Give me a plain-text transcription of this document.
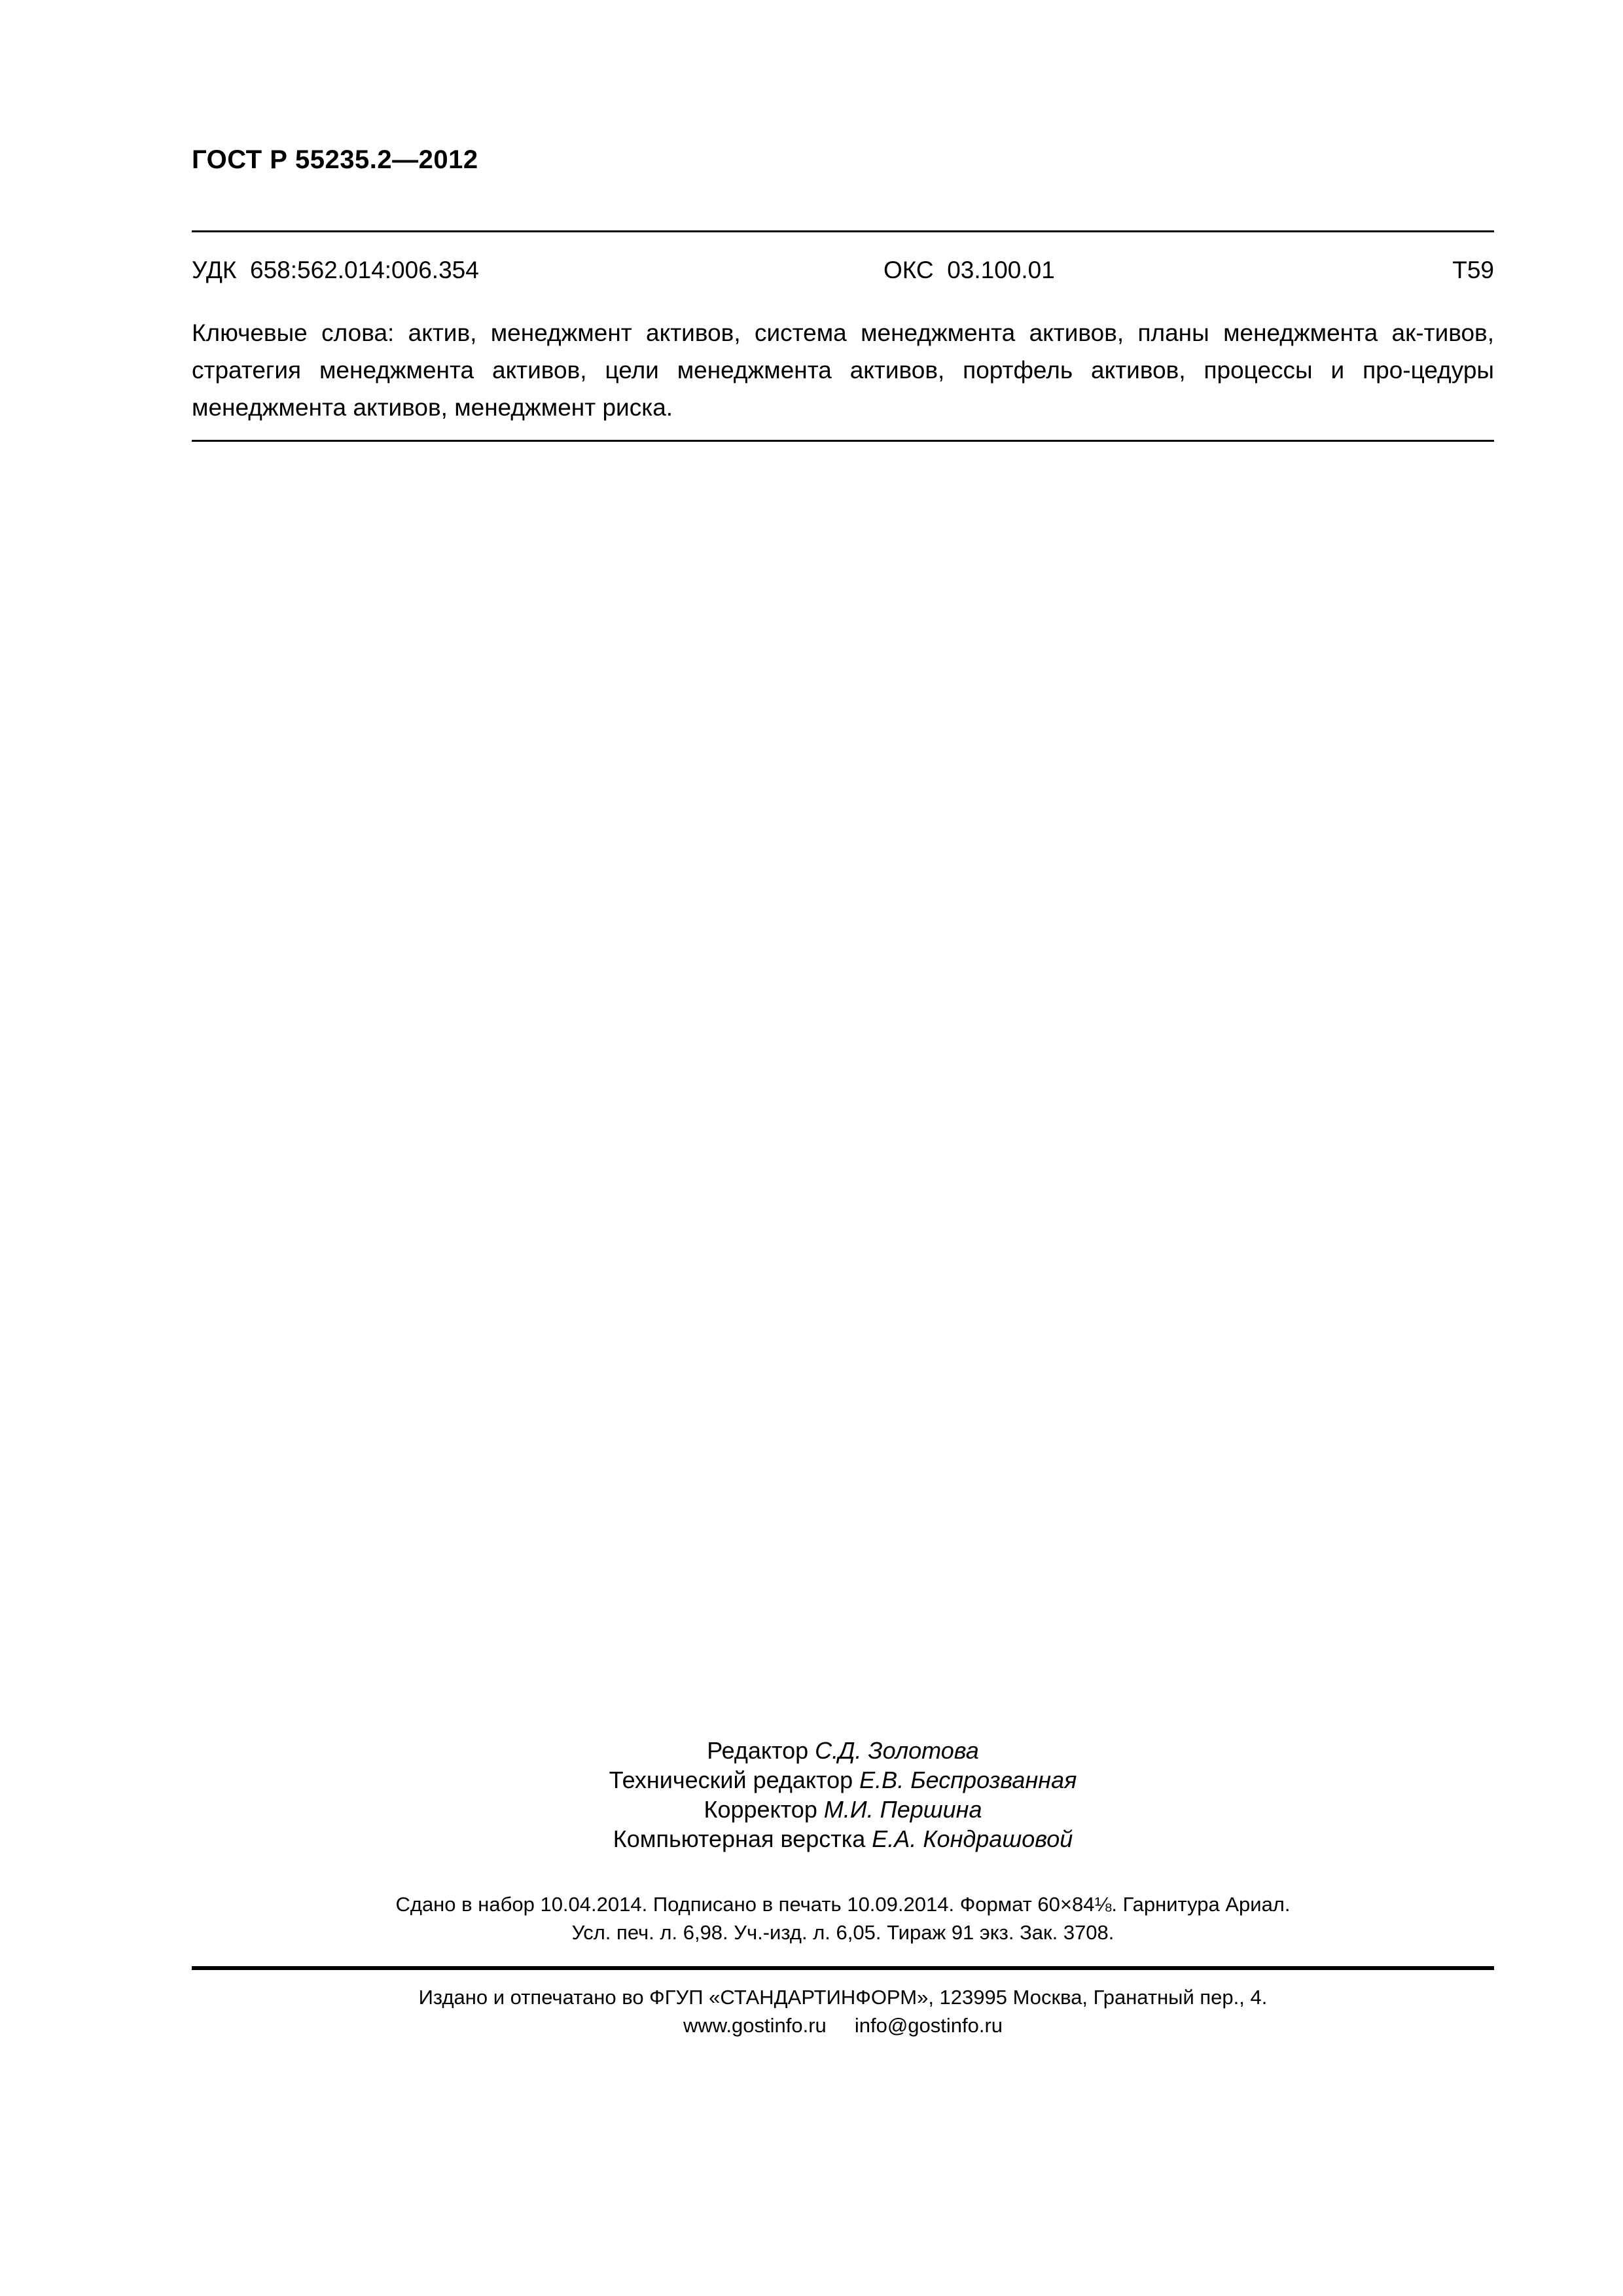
ГОСТ Р 55235.2—2012
УДК  658:562.014:006.354	ОКС  03.100.01	Т59
Ключевые слова: актив, менеджмент активов, система менеджмента активов, планы менеджмента ак-тивов, стратегия менеджмента активов, цели менеджмента активов, портфель активов, процессы и про-цедуры менеджмента активов, менеджмент риска.
Редактор С.Д. Золотова
Технический редактор Е.В. Беспрозванная
Корректор М.И. Першина
Компьютерная верстка Е.А. Кондрашовой
Сдано в набор 10.04.2014. Подписано в печать 10.09.2014. Формат 60×84⅛. Гарнитура Ариал.
Усл. печ. л. 6,98. Уч.-изд. л. 6,05. Тираж 91 экз. Зак. 3708.
Издано и отпечатано во ФГУП «СТАНДАРТИНФОРМ», 123995 Москва, Гранатный пер., 4.
www.gostinfo.ru     info@gostinfo.ru
